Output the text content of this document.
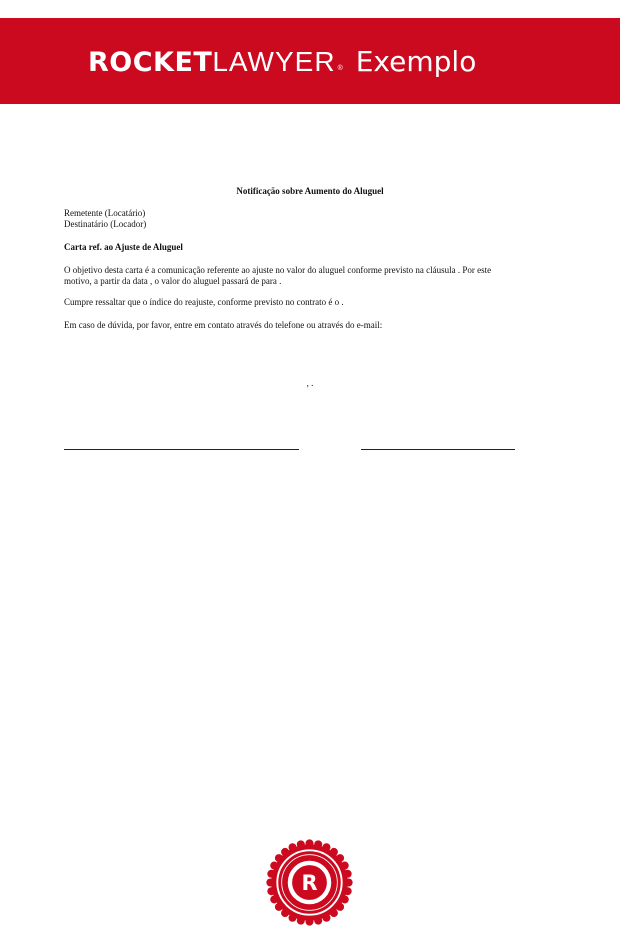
ROCKET LAWYER ® Exemplo
Notificação sobre Aumento do Aluguel
Remetente (Locatário)
Destinatário (Locador)
Carta ref. ao Ajuste de Aluguel
O objetivo desta carta é a comunicação referente ao ajuste no valor do aluguel conforme previsto na cláusula . Por este
motivo, a partir da data , o valor do aluguel passará de para .
Cumpre ressaltar que o índice do reajuste, conforme previsto no contrato é o .
Em caso de dúvida, por favor, entre em contato através do telefone ou através do e-mail:
, .
R
